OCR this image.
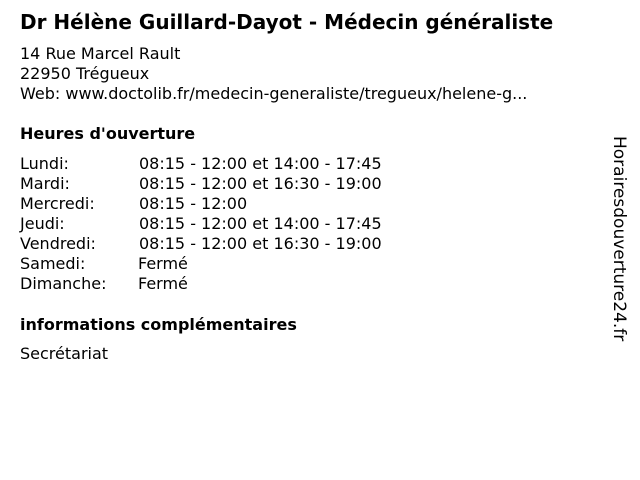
Dr Hélène Guillard-Dayot - Médecin généraliste
14 Rue Marcel Rault
22950 Trégueux
Web: www.doctolib.fr/medecin-generaliste/tregueux/helene-g...
Heures d'ouverture
Lundi:	08:15 - 12:00 et 14:00 - 17:45
Mardi:	08:15 - 12:00 et 16:30 - 19:00
Mercredi:	08:15 - 12:00
Jeudi:	08:15 - 12:00 et 14:00 - 17:45
Vendredi:	08:15 - 12:00 et 16:30 - 19:00
Samedi:	Fermé
Dimanche: Fermé
informations complémentaires
Secrétariat
Horairesdouverture24.fr
